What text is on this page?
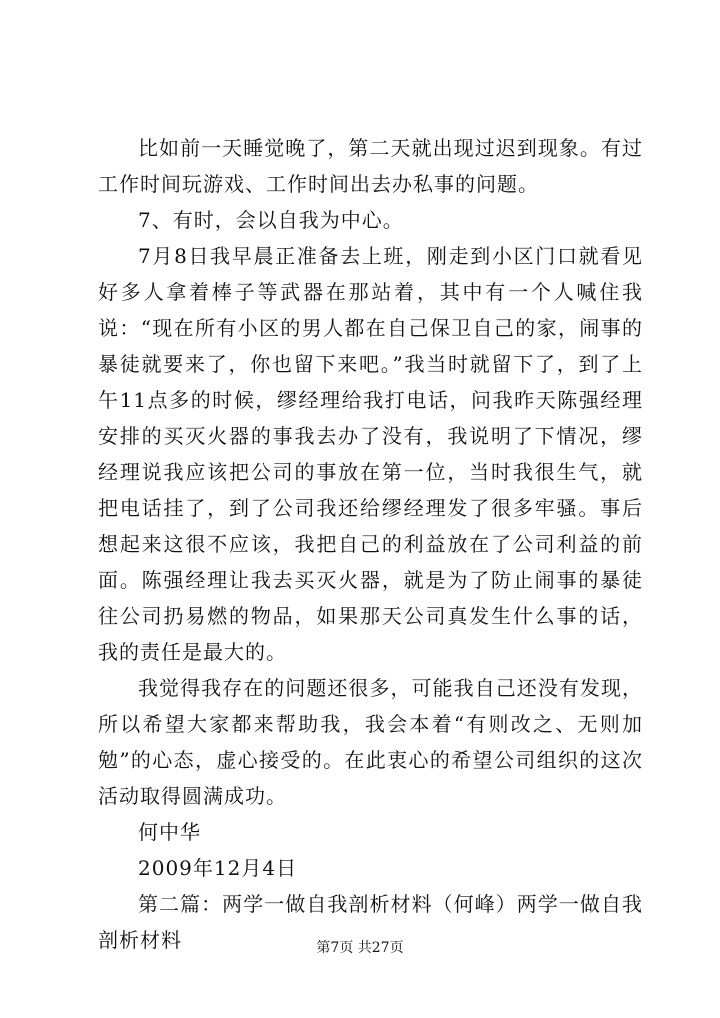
比如前一天睡觉晚了，第二天就出现过迟到现象。有过工作时间玩游戏、工作时间出去办私事的问题。

7、有时，会以自我为中心。

7月8日我早晨正准备去上班，刚走到小区门口就看见好多人拿着棒子等武器在那站着，其中有一个人喊住我说：“现在所有小区的男人都在自己保卫自己的家，闹事的暴徒就要来了，你也留下来吧。”我当时就留下了，到了上午11点多的时候，缪经理给我打电话，问我昨天陈强经理安排的买灭火器的事我去办了没有，我说明了下情况，缪经理说我应该把公司的事放在第一位，当时我很生气，就把电话挂了，到了公司我还给缪经理发了很多牢骚。事后想起来这很不应该，我把自己的利益放在了公司利益的前面。陈强经理让我去买灭火器，就是为了防止闹事的暴徒往公司扔易燃的物品，如果那天公司真发生什么事的话，我的责任是最大的。

我觉得我存在的问题还很多，可能我自己还没有发现，所以希望大家都来帮助我，我会本着“有则改之、无则加勉”的心态，虚心接受的。在此衷心的希望公司组织的这次活动取得圆满成功。

何中华

2009年12月4日

第二篇：两学一做自我剖析材料（何峰）两学一做自我剖析材料	第7页 共27页
